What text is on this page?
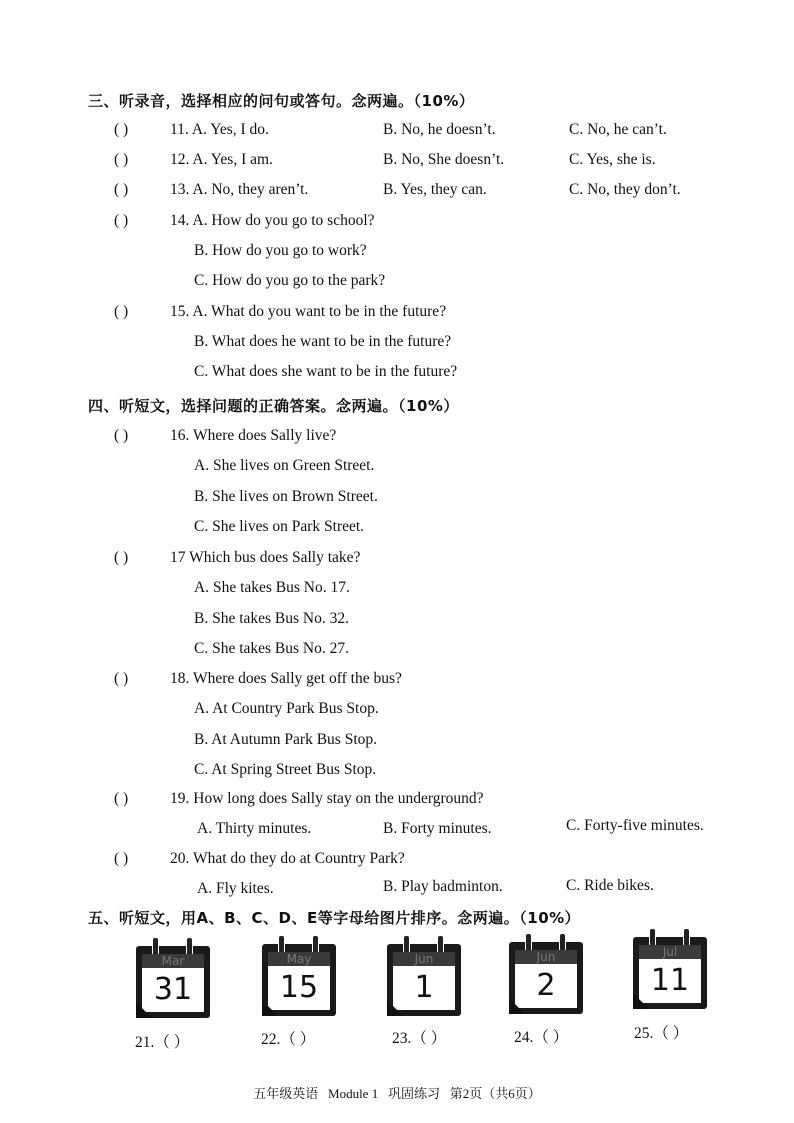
三、听录音，选择相应的问句或答句。念两遍。（10%）
( )	11. A. Yes, I do.	B. No, he doesn’t.	C. No, he can’t.
( )	12. A. Yes, I am.	B. No, She doesn’t.	C. Yes, she is.
( )	13. A. No, they aren’t.	B. Yes, they can.	C. No, they don’t.
( )	14. A. How do you go to school?
B. How do you go to work?
C. How do you go to the park?
( )	15. A. What do you want to be in the future?
B. What does he want to be in the future?
C. What does she want to be in the future?
四、听短文，选择问题的正确答案。念两遍。（10%）
( )	16. Where does Sally live?
A. She lives on Green Street.
B. She lives on Brown Street.
C. She lives on Park Street.
( )	17 Which bus does Sally take?
A. She takes Bus No. 17.
B. She takes Bus No. 32.
C. She takes Bus No. 27.
( )	18. Where does Sally get off the bus?
A. At Country Park Bus Stop.
B. At Autumn Park Bus Stop.
C. At Spring Street Bus Stop.
( )	19. How long does Sally stay on the underground?
A. Thirty minutes.	B. Forty minutes.	C. Forty-five minutes.
( )	20. What do they do at Country Park?
A. Fly kites.	B. Play badminton.	C. Ride bikes.
五、听短文，用A、B、C、D、E等字母给图片排序。念两遍。（10%）
Mar
31
May
15
Jun
1
Jun
2
Jul
11
21.（ ）	22.（ ）	23.（ ）	24.（ ）	25.（ ）
五年级英语   Module 1   巩固练习   第2页（共6页）
